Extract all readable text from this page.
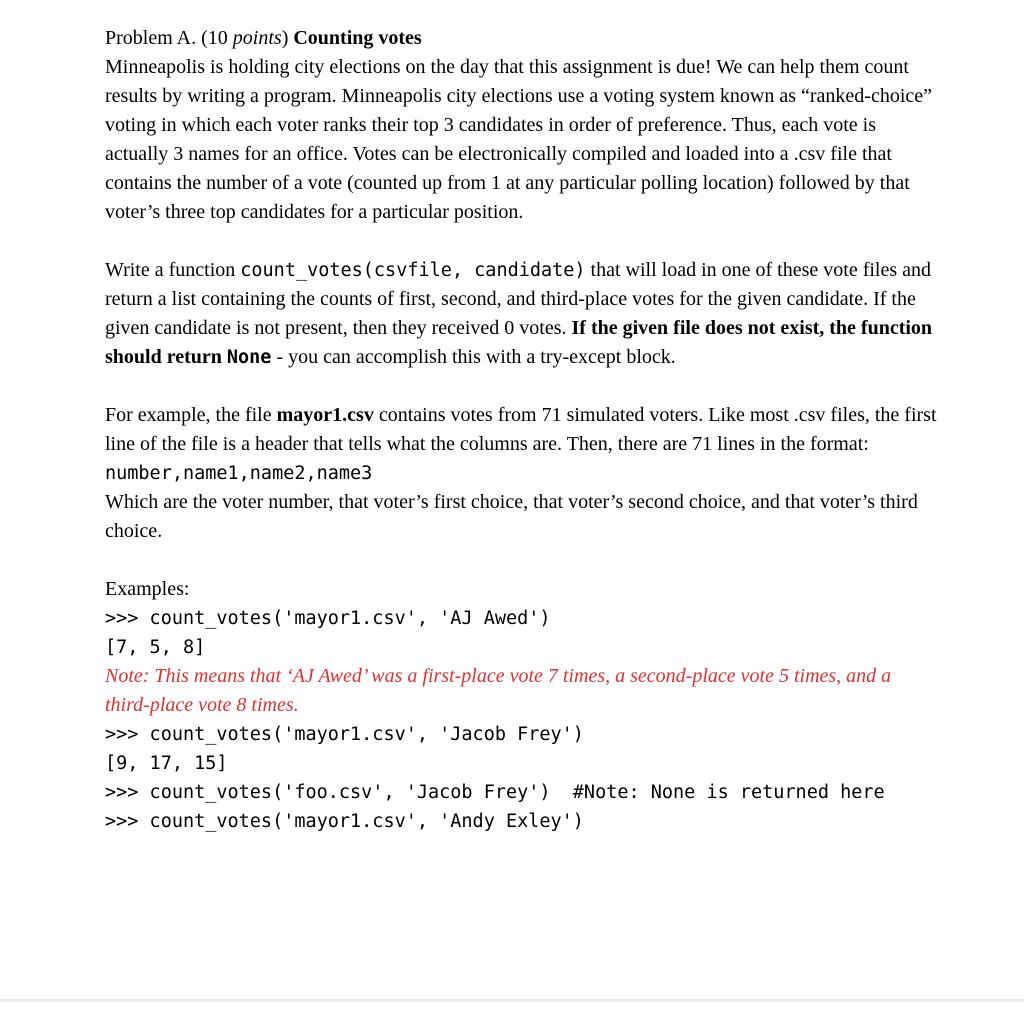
Problem A. (10 points) Counting votes

Minneapolis is holding city elections on the day that this assignment is due! We can help them count results by writing a program. Minneapolis city elections use a voting system known as “ranked-choice” voting in which each voter ranks their top 3 candidates in order of preference. Thus, each vote is actually 3 names for an office. Votes can be electronically compiled and loaded into a .csv file that contains the number of a vote (counted up from 1 at any particular polling location) followed by that voter’s three top candidates for a particular position.

Write a function count_votes(csvfile, candidate) that will load in one of these vote files and return a list containing the counts of first, second, and third-place votes for the given candidate. If the given candidate is not present, then they received 0 votes. If the given file does not exist, the function should return None - you can accomplish this with a try-except block.

For example, the file mayor1.csv contains votes from 71 simulated voters. Like most .csv files, the first line of the file is a header that tells what the columns are. Then, there are 71 lines in the format:

number,name1,name2,name3

Which are the voter number, that voter’s first choice, that voter’s second choice, and that voter’s third choice.

Examples:

>>> count_votes('mayor1.csv', 'AJ Awed')
[7, 5, 8]

Note: This means that ‘AJ Awed’ was a first-place vote 7 times, a second-place vote 5 times, and a third-place vote 8 times.

>>> count_votes('mayor1.csv', 'Jacob Frey')
[9, 17, 15]
>>> count_votes('foo.csv', 'Jacob Frey')  #Note: None is returned here
>>> count_votes('mayor1.csv', 'Andy Exley')
